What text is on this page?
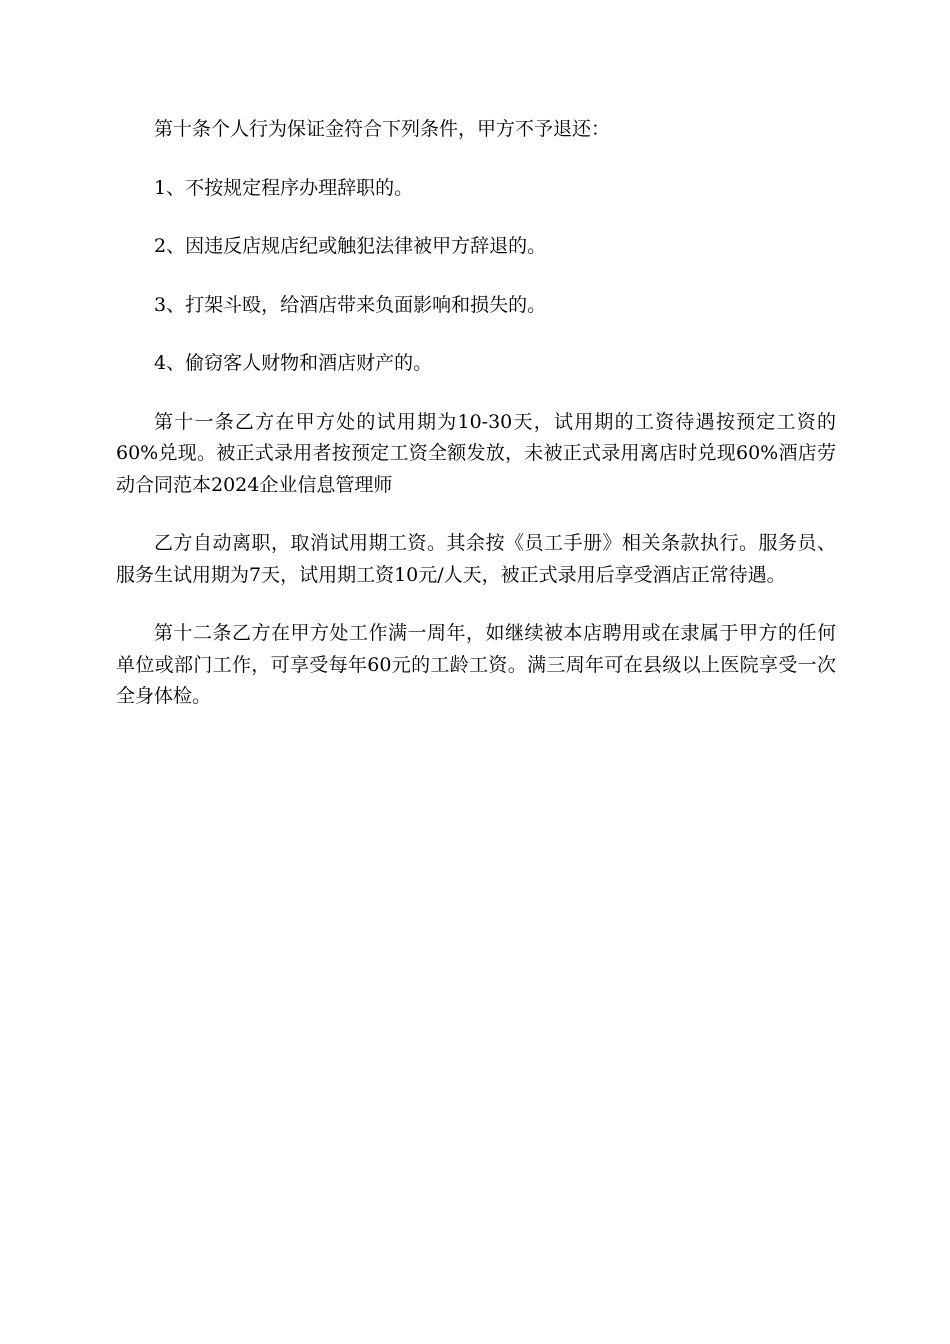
第十条个人行为保证金符合下列条件，甲方不予退还：

1、不按规定程序办理辞职的。

2、因违反店规店纪或触犯法律被甲方辞退的。

3、打架斗殴，给酒店带来负面影响和损失的。

4、偷窃客人财物和酒店财产的。

第十一条乙方在甲方处的试用期为10-30天，试用期的工资待遇按预定工资的60%兑现。被正式录用者按预定工资全额发放，未被正式录用离店时兑现60%酒店劳动合同范本2024企业信息管理师

乙方自动离职，取消试用期工资。其余按《员工手册》相关条款执行。服务员、服务生试用期为7天，试用期工资10元/人天，被正式录用后享受酒店正常待遇。

第十二条乙方在甲方处工作满一周年，如继续被本店聘用或在隶属于甲方的任何单位或部门工作，可享受每年60元的工龄工资。满三周年可在县级以上医院享受一次全身体检。
